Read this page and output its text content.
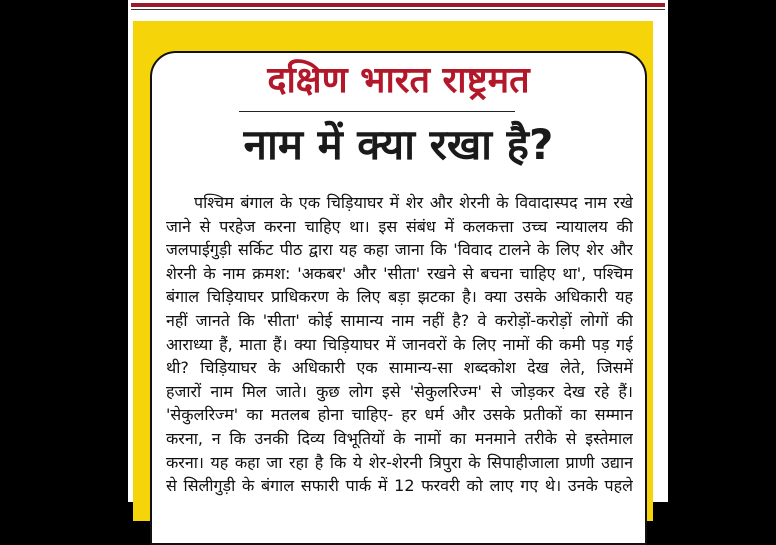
दक्षिण भारत राष्ट्रमत
नाम में क्या रखा है?
पश्चिम बंगाल के एक चिड़ियाघर में शेर और शेरनी के विवादास्पद नाम रखे
जाने से परहेज करना चाहिए था। इस संबंध में कलकत्ता उच्च न्यायालय की
जलपाईगुड़ी सर्किट पीठ द्वारा यह कहा जाना कि 'विवाद टालने के लिए शेर और
शेरनी के नाम क्रमश: 'अकबर' और 'सीता' रखने से बचना चाहिए था', पश्चिम
बंगाल चिड़ियाघर प्राधिकरण के लिए बड़ा झटका है। क्या उसके अधिकारी यह
नहीं जानते कि 'सीता' कोई सामान्य नाम नहीं है? वे करोड़ों-करोड़ों लोगों की
आराध्या हैं, माता हैं। क्या चिड़ियाघर में जानवरों के लिए नामों की कमी पड़ गई
थी? चिड़ियाघर के अधिकारी एक सामान्य-सा शब्दकोश देख लेते, जिसमें
हजारों नाम मिल जाते। कुछ लोग इसे 'सेकुलरिज्म' से जोड़कर देख रहे हैं।
'सेकुलरिज्म' का मतलब होना चाहिए- हर धर्म और उसके प्रतीकों का सम्मान
करना, न कि उनकी दिव्य विभूतियों के नामों का मनमाने तरीके से इस्तेमाल
करना। यह कहा जा रहा है कि ये शेर-शेरनी त्रिपुरा के सिपाहीजाला प्राणी उद्यान
से सिलीगुड़ी के बंगाल सफारी पार्क में 12 फरवरी को लाए गए थे। उनके पहले
